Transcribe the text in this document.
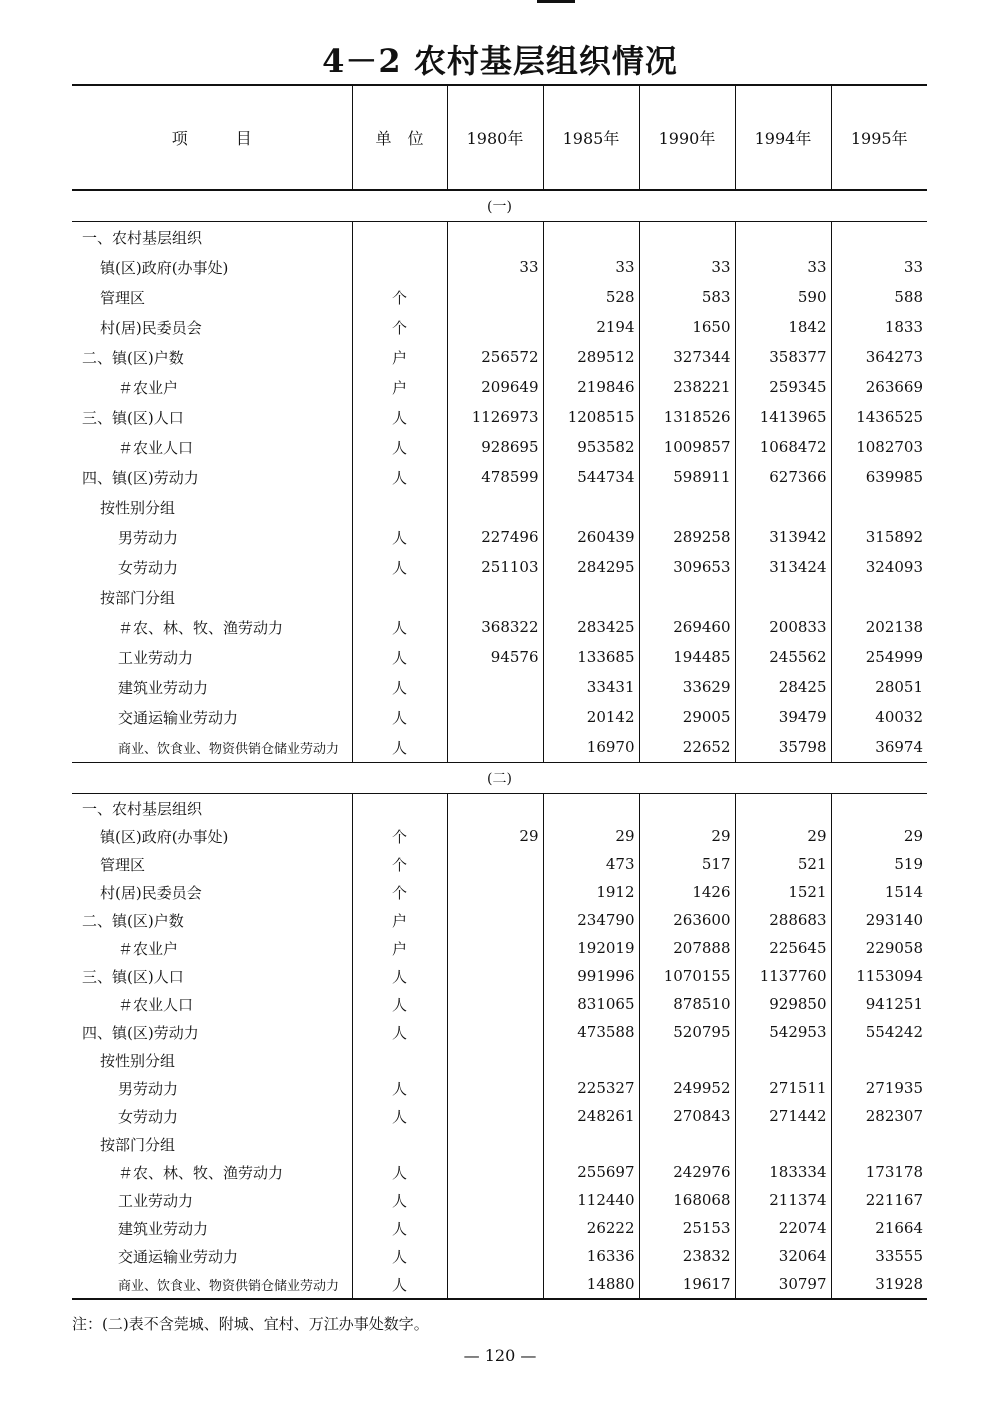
4－2 农村基层组织情况
项　　　目	单　位	1980年	1985年	1990年	1994年	1995年
(一)						
一、农村基层组织						
镇(区)政府(办事处)		33	33	33	33	33
管理区	个		528	583	590	588
村(居)民委员会	个		2194	1650	1842	1833
二、镇(区)户数	户	256572	289512	327344	358377	364273
＃农业户	户	209649	219846	238221	259345	263669
三、镇(区)人口	人	1126973	1208515	1318526	1413965	1436525
＃农业人口	人	928695	953582	1009857	1068472	1082703
四、镇(区)劳动力	人	478599	544734	598911	627366	639985
按性别分组						
男劳动力	人	227496	260439	289258	313942	315892
女劳动力	人	251103	284295	309653	313424	324093
按部门分组						
＃农、林、牧、渔劳动力	人	368322	283425	269460	200833	202138
工业劳动力	人	94576	133685	194485	245562	254999
建筑业劳动力	人		33431	33629	28425	28051
交通运输业劳动力	人		20142	29005	39479	40032
商业、饮食业、物资供销仓储业劳动力	人		16970	22652	35798	36974
(二)						
一、农村基层组织						
镇(区)政府(办事处)	个	29	29	29	29	29
管理区	个		473	517	521	519
村(居)民委员会	个		1912	1426	1521	1514
二、镇(区)户数	户		234790	263600	288683	293140
＃农业户	户		192019	207888	225645	229058
三、镇(区)人口	人		991996	1070155	1137760	1153094
＃农业人口	人		831065	878510	929850	941251
四、镇(区)劳动力	人		473588	520795	542953	554242
按性别分组						
男劳动力	人		225327	249952	271511	271935
女劳动力	人		248261	270843	271442	282307
按部门分组						
＃农、林、牧、渔劳动力	人		255697	242976	183334	173178
工业劳动力	人		112440	168068	211374	221167
建筑业劳动力	人		26222	25153	22074	21664
交通运输业劳动力	人		16336	23832	32064	33555
商业、饮食业、物资供销仓储业劳动力	人		14880	19617	30797	31928
注：(二)表不含莞城、附城、宜村、万江办事处数字。
— 120 —
